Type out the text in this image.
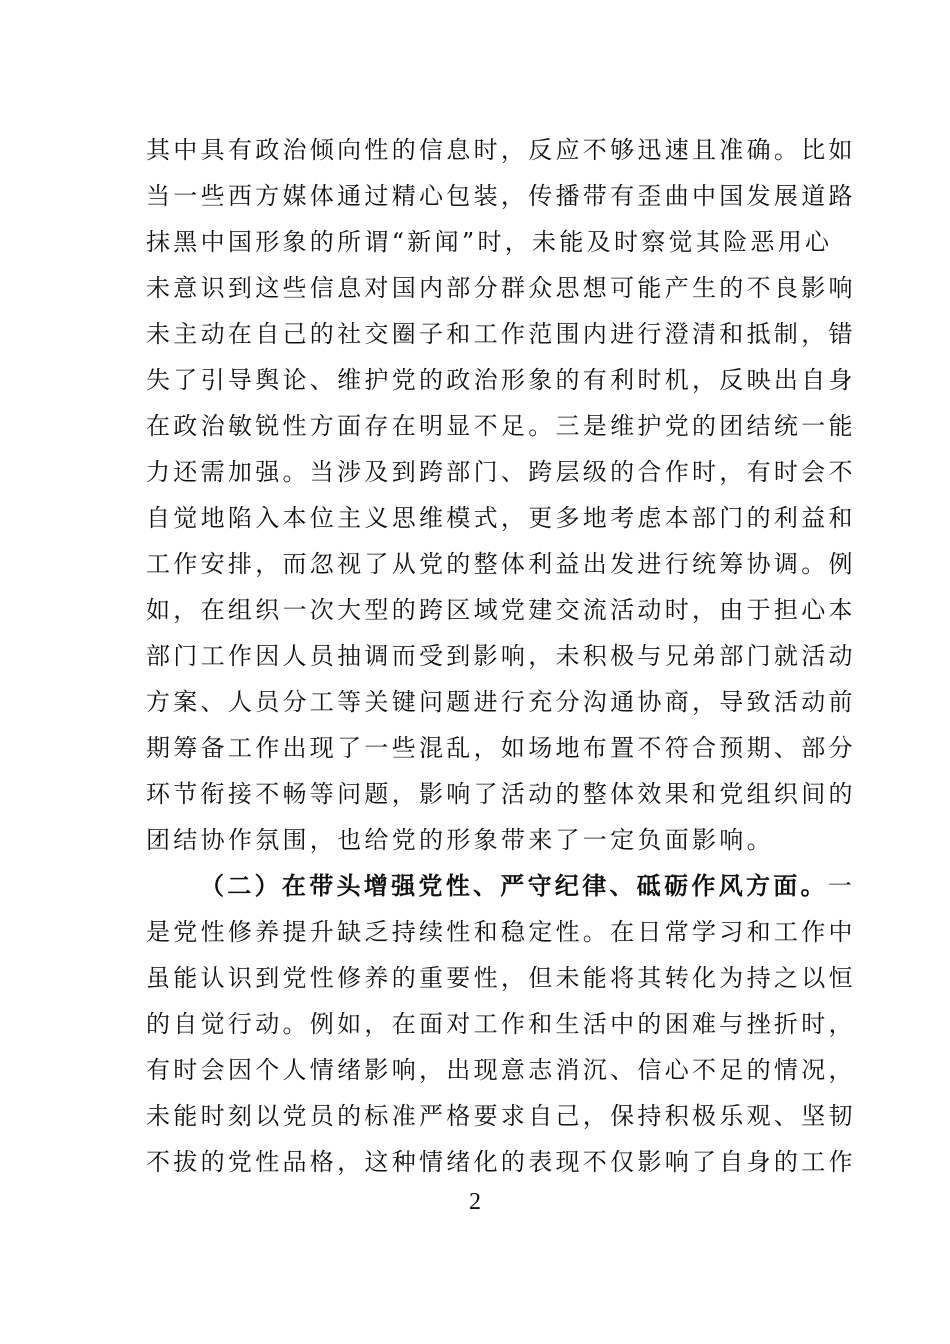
其中具有政治倾向性的信息时，反应不够迅速且准确。比如
当一些西方媒体通过精心包装，传播带有歪曲中国发展道路
抹黑中国形象的所谓“新闻”时，未能及时察觉其险恶用心
未意识到这些信息对国内部分群众思想可能产生的不良影响
未主动在自己的社交圈子和工作范围内进行澄清和抵制，错
失了引导舆论、维护党的政治形象的有利时机，反映出自身
在政治敏锐性方面存在明显不足。三是维护党的团结统一能
力还需加强。当涉及到跨部门、跨层级的合作时，有时会不
自觉地陷入本位主义思维模式，更多地考虑本部门的利益和
工作安排，而忽视了从党的整体利益出发进行统筹协调。例
如，在组织一次大型的跨区域党建交流活动时，由于担心本
部门工作因人员抽调而受到影响，未积极与兄弟部门就活动
方案、人员分工等关键问题进行充分沟通协商，导致活动前
期筹备工作出现了一些混乱，如场地布置不符合预期、部分
环节衔接不畅等问题，影响了活动的整体效果和党组织间的
团结协作氛围，也给党的形象带来了一定负面影响。
（二）在带头增强党性、严守纪律、砥砺作风方面。一
是党性修养提升缺乏持续性和稳定性。在日常学习和工作中
虽能认识到党性修养的重要性，但未能将其转化为持之以恒
的自觉行动。例如，在面对工作和生活中的困难与挫折时，
有时会因个人情绪影响，出现意志消沉、信心不足的情况，
未能时刻以党员的标准严格要求自己，保持积极乐观、坚韧
不拔的党性品格，这种情绪化的表现不仅影响了自身的工作
2
